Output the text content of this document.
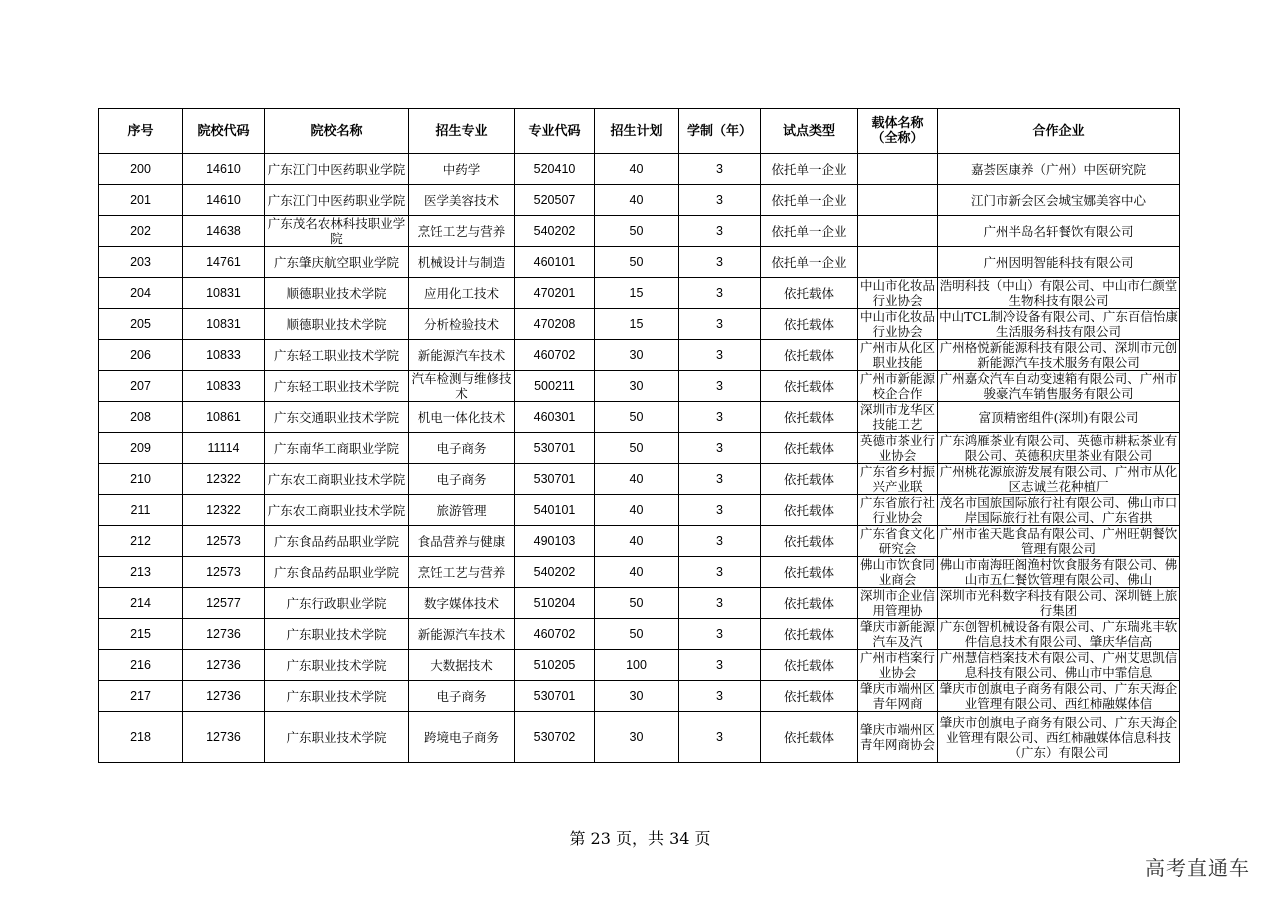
序号	院校代码	院校名称	招生专业	专业代码	招生计划	学制（年）	试点类型	载体名称（全称）	合作企业

200	14610	广东江门中医药职业学院	中药学	520410	40	3	依托单一企业		嘉荟医康养（广州）中医研究院

201	14610	广东江门中医药职业学院	医学美容技术	520507	40	3	依托单一企业		江门市新会区会城宝娜美容中心

202	14638	广东茂名农林科技职业学院	烹饪工艺与营养	540202	50	3	依托单一企业		广州半岛名轩餐饮有限公司

203	14761	广东肇庆航空职业学院	机械设计与制造	460101	50	3	依托单一企业		广州因明智能科技有限公司

204	10831	顺德职业技术学院	应用化工技术	470201	15	3	依托载体	中山市化妆品行业协会	浩明科技（中山）有限公司、中山市仁颜堂生物科技有限公司

205	10831	顺德职业技术学院	分析检验技术	470208	15	3	依托载体	中山市化妆品行业协会	中山TCL制冷设备有限公司、广东百信怡康生活服务科技有限公司

206	10833	广东轻工职业技术学院	新能源汽车技术	460702	30	3	依托载体	广州市从化区职业技能	广州格悦新能源科技有限公司、深圳市元创新能源汽车技术服务有限公司

207	10833	广东轻工职业技术学院	汽车检测与维修技术	500211	30	3	依托载体	广州市新能源校企合作	广州嘉众汽车自动变速箱有限公司、广州市骏豪汽车销售服务有限公司

208	10861	广东交通职业技术学院	机电一体化技术	460301	50	3	依托载体	深圳市龙华区技能工艺	富顶精密组件(深圳)有限公司

209	11114	广东南华工商职业学院	电子商务	530701	50	3	依托载体	英德市茶业行业协会	广东鸿雁茶业有限公司、英德市耕耘茶业有限公司、英德积庆里茶业有限公司

210	12322	广东农工商职业技术学院	电子商务	530701	40	3	依托载体	广东省乡村振兴产业联	广州桃花源旅游发展有限公司、广州市从化区志诚兰花种植厂

211	12322	广东农工商职业技术学院	旅游管理	540101	40	3	依托载体	广东省旅行社行业协会	茂名市国旅国际旅行社有限公司、佛山市口岸国际旅行社有限公司、广东省拱

212	12573	广东食品药品职业学院	食品营养与健康	490103	40	3	依托载体	广东省食文化研究会	广州市雀天匙食品有限公司、广州旺朝餐饮管理有限公司

213	12573	广东食品药品职业学院	烹饪工艺与营养	540202	40	3	依托载体	佛山市饮食同业商会	佛山市南海旺阁渔村饮食服务有限公司、佛山市五仁餐饮管理有限公司、佛山

214	12577	广东行政职业学院	数字媒体技术	510204	50	3	依托载体	深圳市企业信用管理协	深圳市光科数字科技有限公司、深圳链上旅行集团

215	12736	广东职业技术学院	新能源汽车技术	460702	50	3	依托载体	肇庆市新能源汽车及汽	广东创智机械设备有限公司、广东瑞兆丰软件信息技术有限公司、肇庆华信高

216	12736	广东职业技术学院	大数据技术	510205	100	3	依托载体	广州市档案行业协会	广州慧信档案技术有限公司、广州艾思凯信息科技有限公司、佛山市中霏信息

217	12736	广东职业技术学院	电子商务	530701	30	3	依托载体	肇庆市端州区青年网商	肇庆市创旗电子商务有限公司、广东天海企业管理有限公司、西红柿融媒体信

218	12736	广东职业技术学院	跨境电子商务	530702	30	3	依托载体	肇庆市端州区青年网商协会	肇庆市创旗电子商务有限公司、广东天海企业管理有限公司、西红柿融媒体信息科技（广东）有限公司
第 23 页，共 34 页
高考直通车
